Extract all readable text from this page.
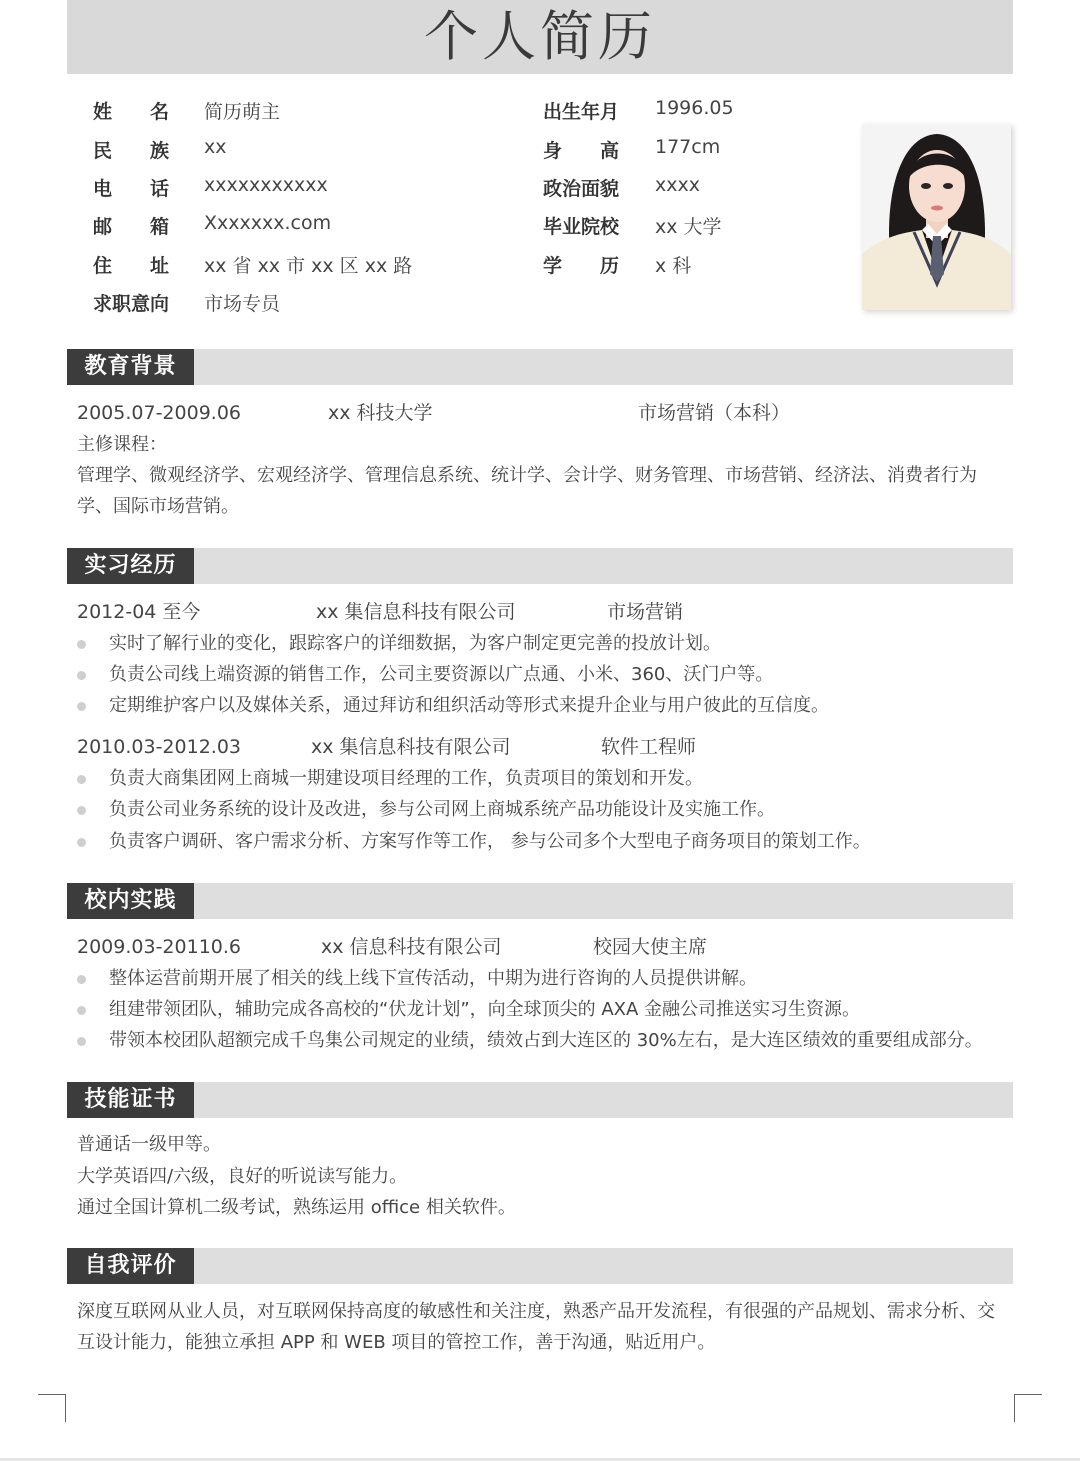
个人简历
姓 名 简历萌主
民 族 xx
电 话 xxxxxxxxxxx
邮 箱 Xxxxxxx.com
住 址 xx 省 xx 市 xx 区 xx 路
求职意向 市场专员
出生年月 1996.05
身 高 177cm
政治面貌 xxxx
毕业院校 xx 大学
学 历 x 科
教育背景
2005.07-2009.06	xx 科技大学	市场营销（本科）
主修课程：
管理学、微观经济学、宏观经济学、管理信息系统、统计学、会计学、财务管理、市场营销、经济法、消费者行为学、国际市场营销。
实习经历
2012-04 至今	xx 集信息科技有限公司	市场营销
实时了解行业的变化，跟踪客户的详细数据，为客户制定更完善的投放计划。
负责公司线上端资源的销售工作，公司主要资源以广点通、小米、360、沃门户等。
定期维护客户以及媒体关系，通过拜访和组织活动等形式来提升企业与用户彼此的互信度。
2010.03-2012.03	xx 集信息科技有限公司	软件工程师
负责大商集团网上商城一期建设项目经理的工作，负责项目的策划和开发。
负责公司业务系统的设计及改进，参与公司网上商城系统产品功能设计及实施工作。
负责客户调研、客户需求分析、方案写作等工作， 参与公司多个大型电子商务项目的策划工作。
校内实践
2009.03-20110.6	xx 信息科技有限公司	校园大使主席
整体运营前期开展了相关的线上线下宣传活动，中期为进行咨询的人员提供讲解。
组建带领团队，辅助完成各高校的“伏龙计划”，向全球顶尖的 AXA 金融公司推送实习生资源。
带领本校团队超额完成千鸟集公司规定的业绩，绩效占到大连区的 30%左右，是大连区绩效的重要组成部分。
技能证书
普通话一级甲等。
大学英语四/六级，良好的听说读写能力。
通过全国计算机二级考试，熟练运用 office 相关软件。
自我评价
深度互联网从业人员，对互联网保持高度的敏感性和关注度，熟悉产品开发流程，有很强的产品规划、需求分析、交互设计能力，能独立承担 APP 和 WEB 项目的管控工作，善于沟通，贴近用户。
